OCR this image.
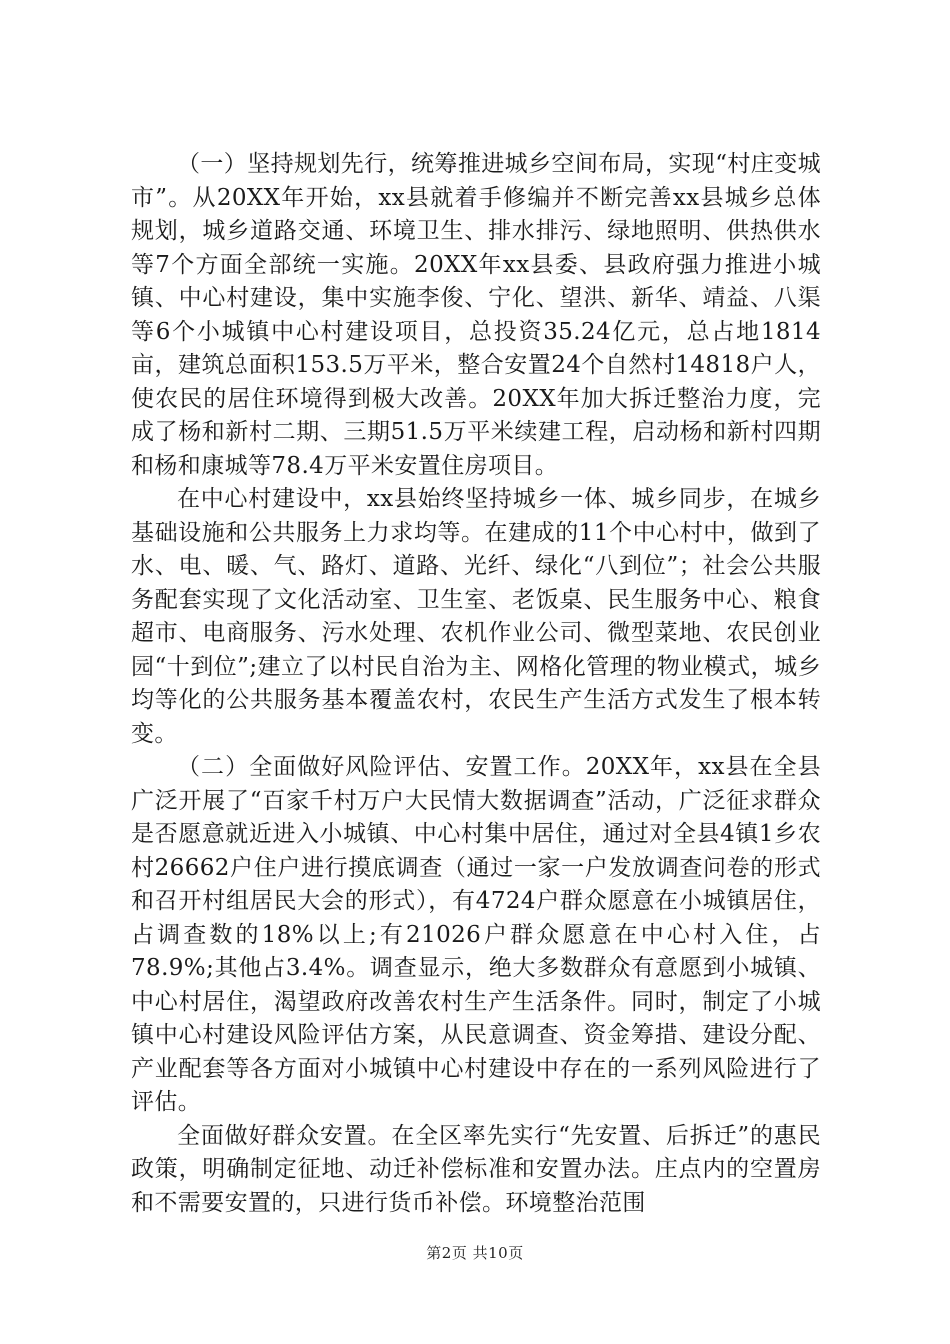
（一）坚持规划先行，统筹推进城乡空间布局，实现“村庄变城市”。从20XX年开始，xx县就着手修编并不断完善xx县城乡总体规划，城乡道路交通、环境卫生、排水排污、绿地照明、供热供水等7个方面全部统一实施。20XX年xx县委、县政府强力推进小城镇、中心村建设，集中实施李俊、宁化、望洪、新华、靖益、八渠等6个小城镇中心村建设项目，总投资35.24亿元，总占地1814亩，建筑总面积153.5万平米，整合安置24个自然村14818户人，使农民的居住环境得到极大改善。20XX年加大拆迁整治力度，完成了杨和新村二期、三期51.5万平米续建工程，启动杨和新村四期和杨和康城等78.4万平米安置住房项目。

在中心村建设中，xx县始终坚持城乡一体、城乡同步，在城乡基础设施和公共服务上力求均等。在建成的11个中心村中，做到了水、电、暖、气、路灯、道路、光纤、绿化“八到位”；社会公共服务配套实现了文化活动室、卫生室、老饭桌、民生服务中心、粮食超市、电商服务、污水处理、农机作业公司、微型菜地、农民创业园“十到位”;建立了以村民自治为主、网格化管理的物业模式，城乡均等化的公共服务基本覆盖农村，农民生产生活方式发生了根本转变。

（二）全面做好风险评估、安置工作。20XX年，xx县在全县广泛开展了“百家千村万户大民情大数据调查”活动，广泛征求群众是否愿意就近进入小城镇、中心村集中居住，通过对全县4镇1乡农村26662户住户进行摸底调查（通过一家一户发放调查问卷的形式和召开村组居民大会的形式），有4724户群众愿意在小城镇居住，占调查数的18%以上;有21026户群众愿意在中心村入住，占78.9%;其他占3.4%。调查显示，绝大多数群众有意愿到小城镇、中心村居住，渴望政府改善农村生产生活条件。同时，制定了小城镇中心村建设风险评估方案，从民意调查、资金筹措、建设分配、产业配套等各方面对小城镇中心村建设中存在的一系列风险进行了评估。

全面做好群众安置。在全区率先实行“先安置、后拆迁”的惠民政策，明确制定征地、动迁补偿标准和安置办法。庄点内的空置房和不需要安置的，只进行货币补偿。环境整治范围

第2页 共10页
